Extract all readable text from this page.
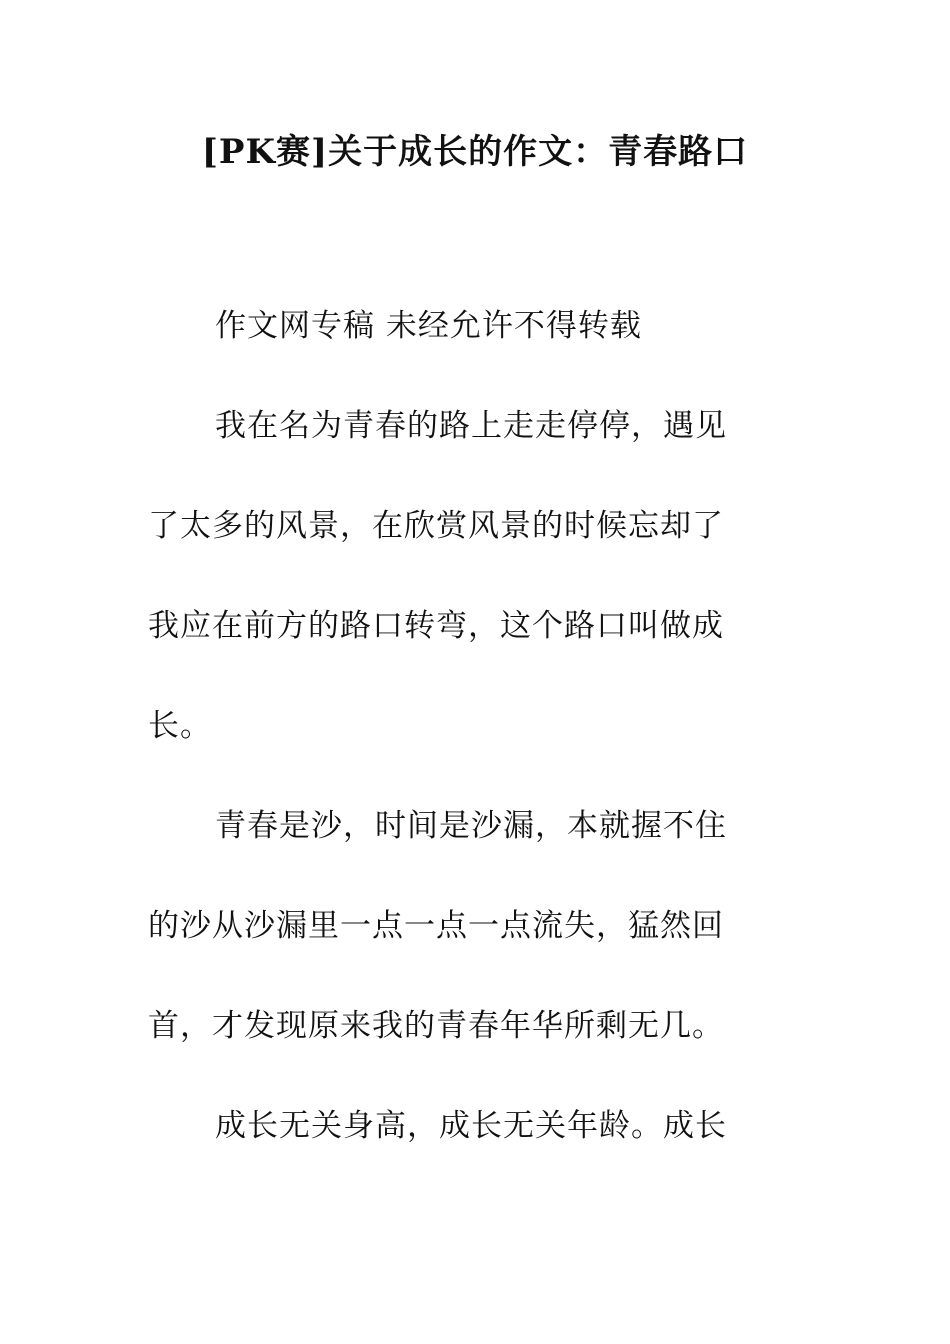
[PK赛]关于成长的作文：青春路口
作文网专稿 未经允许不得转载
我在名为青春的路上走走停停，遇见
了太多的风景，在欣赏风景的时候忘却了
我应在前方的路口转弯，这个路口叫做成
长。
青春是沙，时间是沙漏，本就握不住
的沙从沙漏里一点一点一点流失，猛然回
首，才发现原来我的青春年华所剩无几。
成长无关身高，成长无关年龄。成长
